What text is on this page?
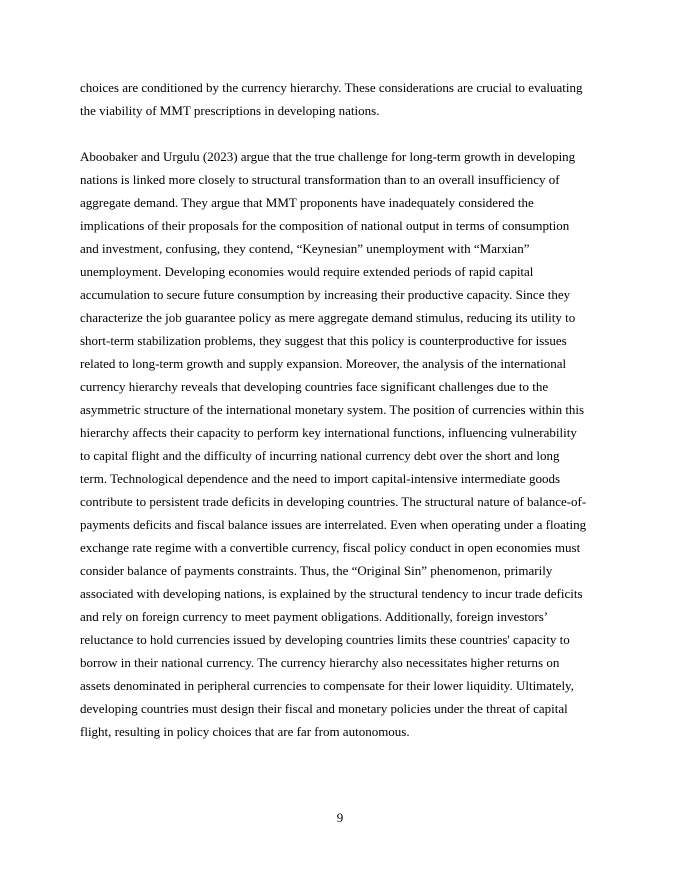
choices are conditioned by the currency hierarchy. These considerations are crucial to evaluating
the viability of MMT prescriptions in developing nations.
Aboobaker and Urgulu (2023) argue that the true challenge for long-term growth in developing
nations is linked more closely to structural transformation than to an overall insufficiency of
aggregate demand. They argue that MMT proponents have inadequately considered the
implications of their proposals for the composition of national output in terms of consumption
and investment, confusing, they contend, “Keynesian” unemployment with “Marxian”
unemployment. Developing economies would require extended periods of rapid capital
accumulation to secure future consumption by increasing their productive capacity. Since they
characterize the job guarantee policy as mere aggregate demand stimulus, reducing its utility to
short-term stabilization problems, they suggest that this policy is counterproductive for issues
related to long-term growth and supply expansion. Moreover, the analysis of the international
currency hierarchy reveals that developing countries face significant challenges due to the
asymmetric structure of the international monetary system. The position of currencies within this
hierarchy affects their capacity to perform key international functions, influencing vulnerability
to capital flight and the difficulty of incurring national currency debt over the short and long
term. Technological dependence and the need to import capital-intensive intermediate goods
contribute to persistent trade deficits in developing countries. The structural nature of balance-of-
payments deficits and fiscal balance issues are interrelated. Even when operating under a floating
exchange rate regime with a convertible currency, fiscal policy conduct in open economies must
consider balance of payments constraints. Thus, the “Original Sin” phenomenon, primarily
associated with developing nations, is explained by the structural tendency to incur trade deficits
and rely on foreign currency to meet payment obligations. Additionally, foreign investors’
reluctance to hold currencies issued by developing countries limits these countries' capacity to
borrow in their national currency. The currency hierarchy also necessitates higher returns on
assets denominated in peripheral currencies to compensate for their lower liquidity. Ultimately,
developing countries must design their fiscal and monetary policies under the threat of capital
flight, resulting in policy choices that are far from autonomous.
9
